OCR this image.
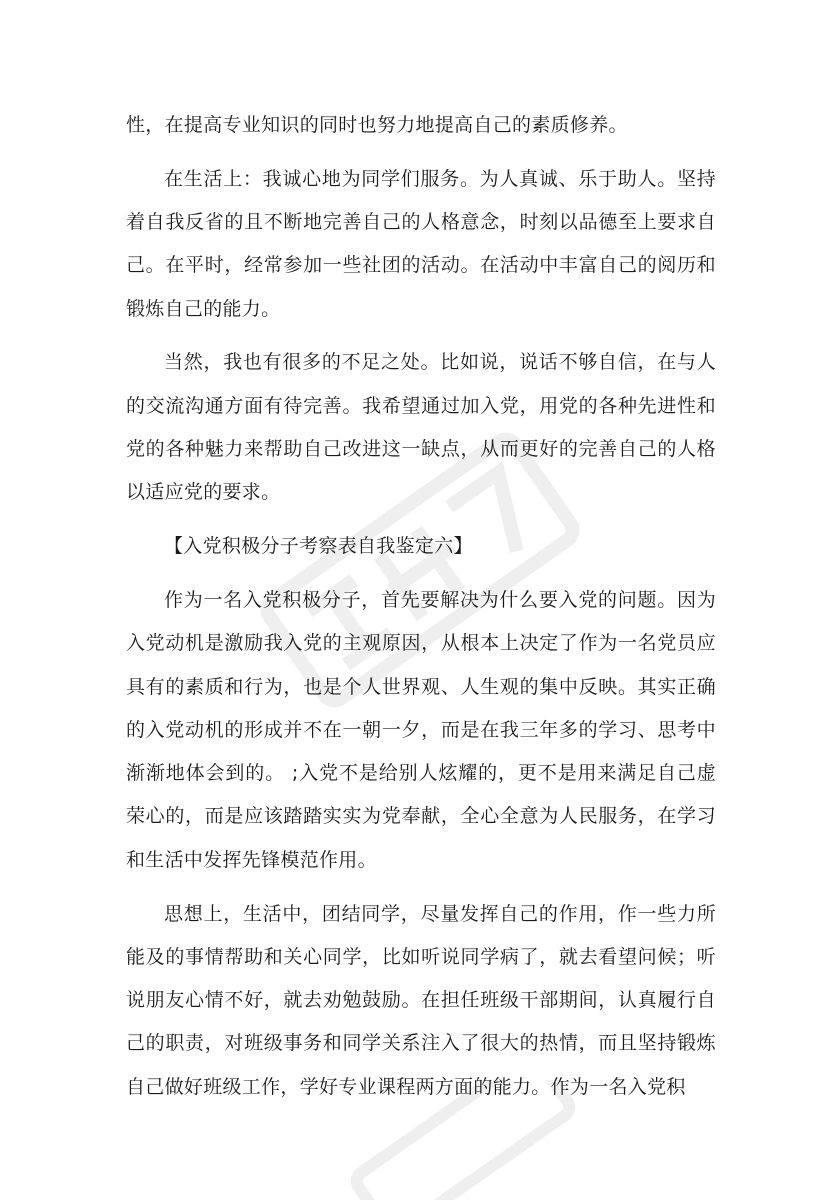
性，在提高专业知识的同时也努力地提高自己的素质修养。

在生活上：我诚心地为同学们服务。为人真诚、乐于助人。坚持着自我反省的且不断地完善自己的人格意念，时刻以品德至上要求自己。在平时，经常参加一些社团的活动。在活动中丰富自己的阅历和锻炼自己的能力。

当然，我也有很多的不足之处。比如说，说话不够自信，在与人的交流沟通方面有待完善。我希望通过加入党，用党的各种先进性和党的各种魅力来帮助自己改进这一缺点，从而更好的完善自己的人格以适应党的要求。

【入党积极分子考察表自我鉴定六】

作为一名入党积极分子，首先要解决为什么要入党的问题。因为入党动机是激励我入党的主观原因，从根本上决定了作为一名党员应具有的素质和行为，也是个人世界观、人生观的集中反映。其实正确的入党动机的形成并不在一朝一夕，而是在我三年多的学习、思考中渐渐地体会到的。 ;入党不是给别人炫耀的，更不是用来满足自己虚荣心的，而是应该踏踏实实为党奉献，全心全意为人民服务，在学习和生活中发挥先锋模范作用。

思想上，生活中，团结同学，尽量发挥自己的作用，作一些力所能及的事情帮助和关心同学，比如听说同学病了，就去看望问候；听说朋友心情不好，就去劝勉鼓励。在担任班级干部期间，认真履行自己的职责，对班级事务和同学关系注入了很大的热情，而且坚持锻炼自己做好班级工作，学好专业课程两方面的能力。作为一名入党积
